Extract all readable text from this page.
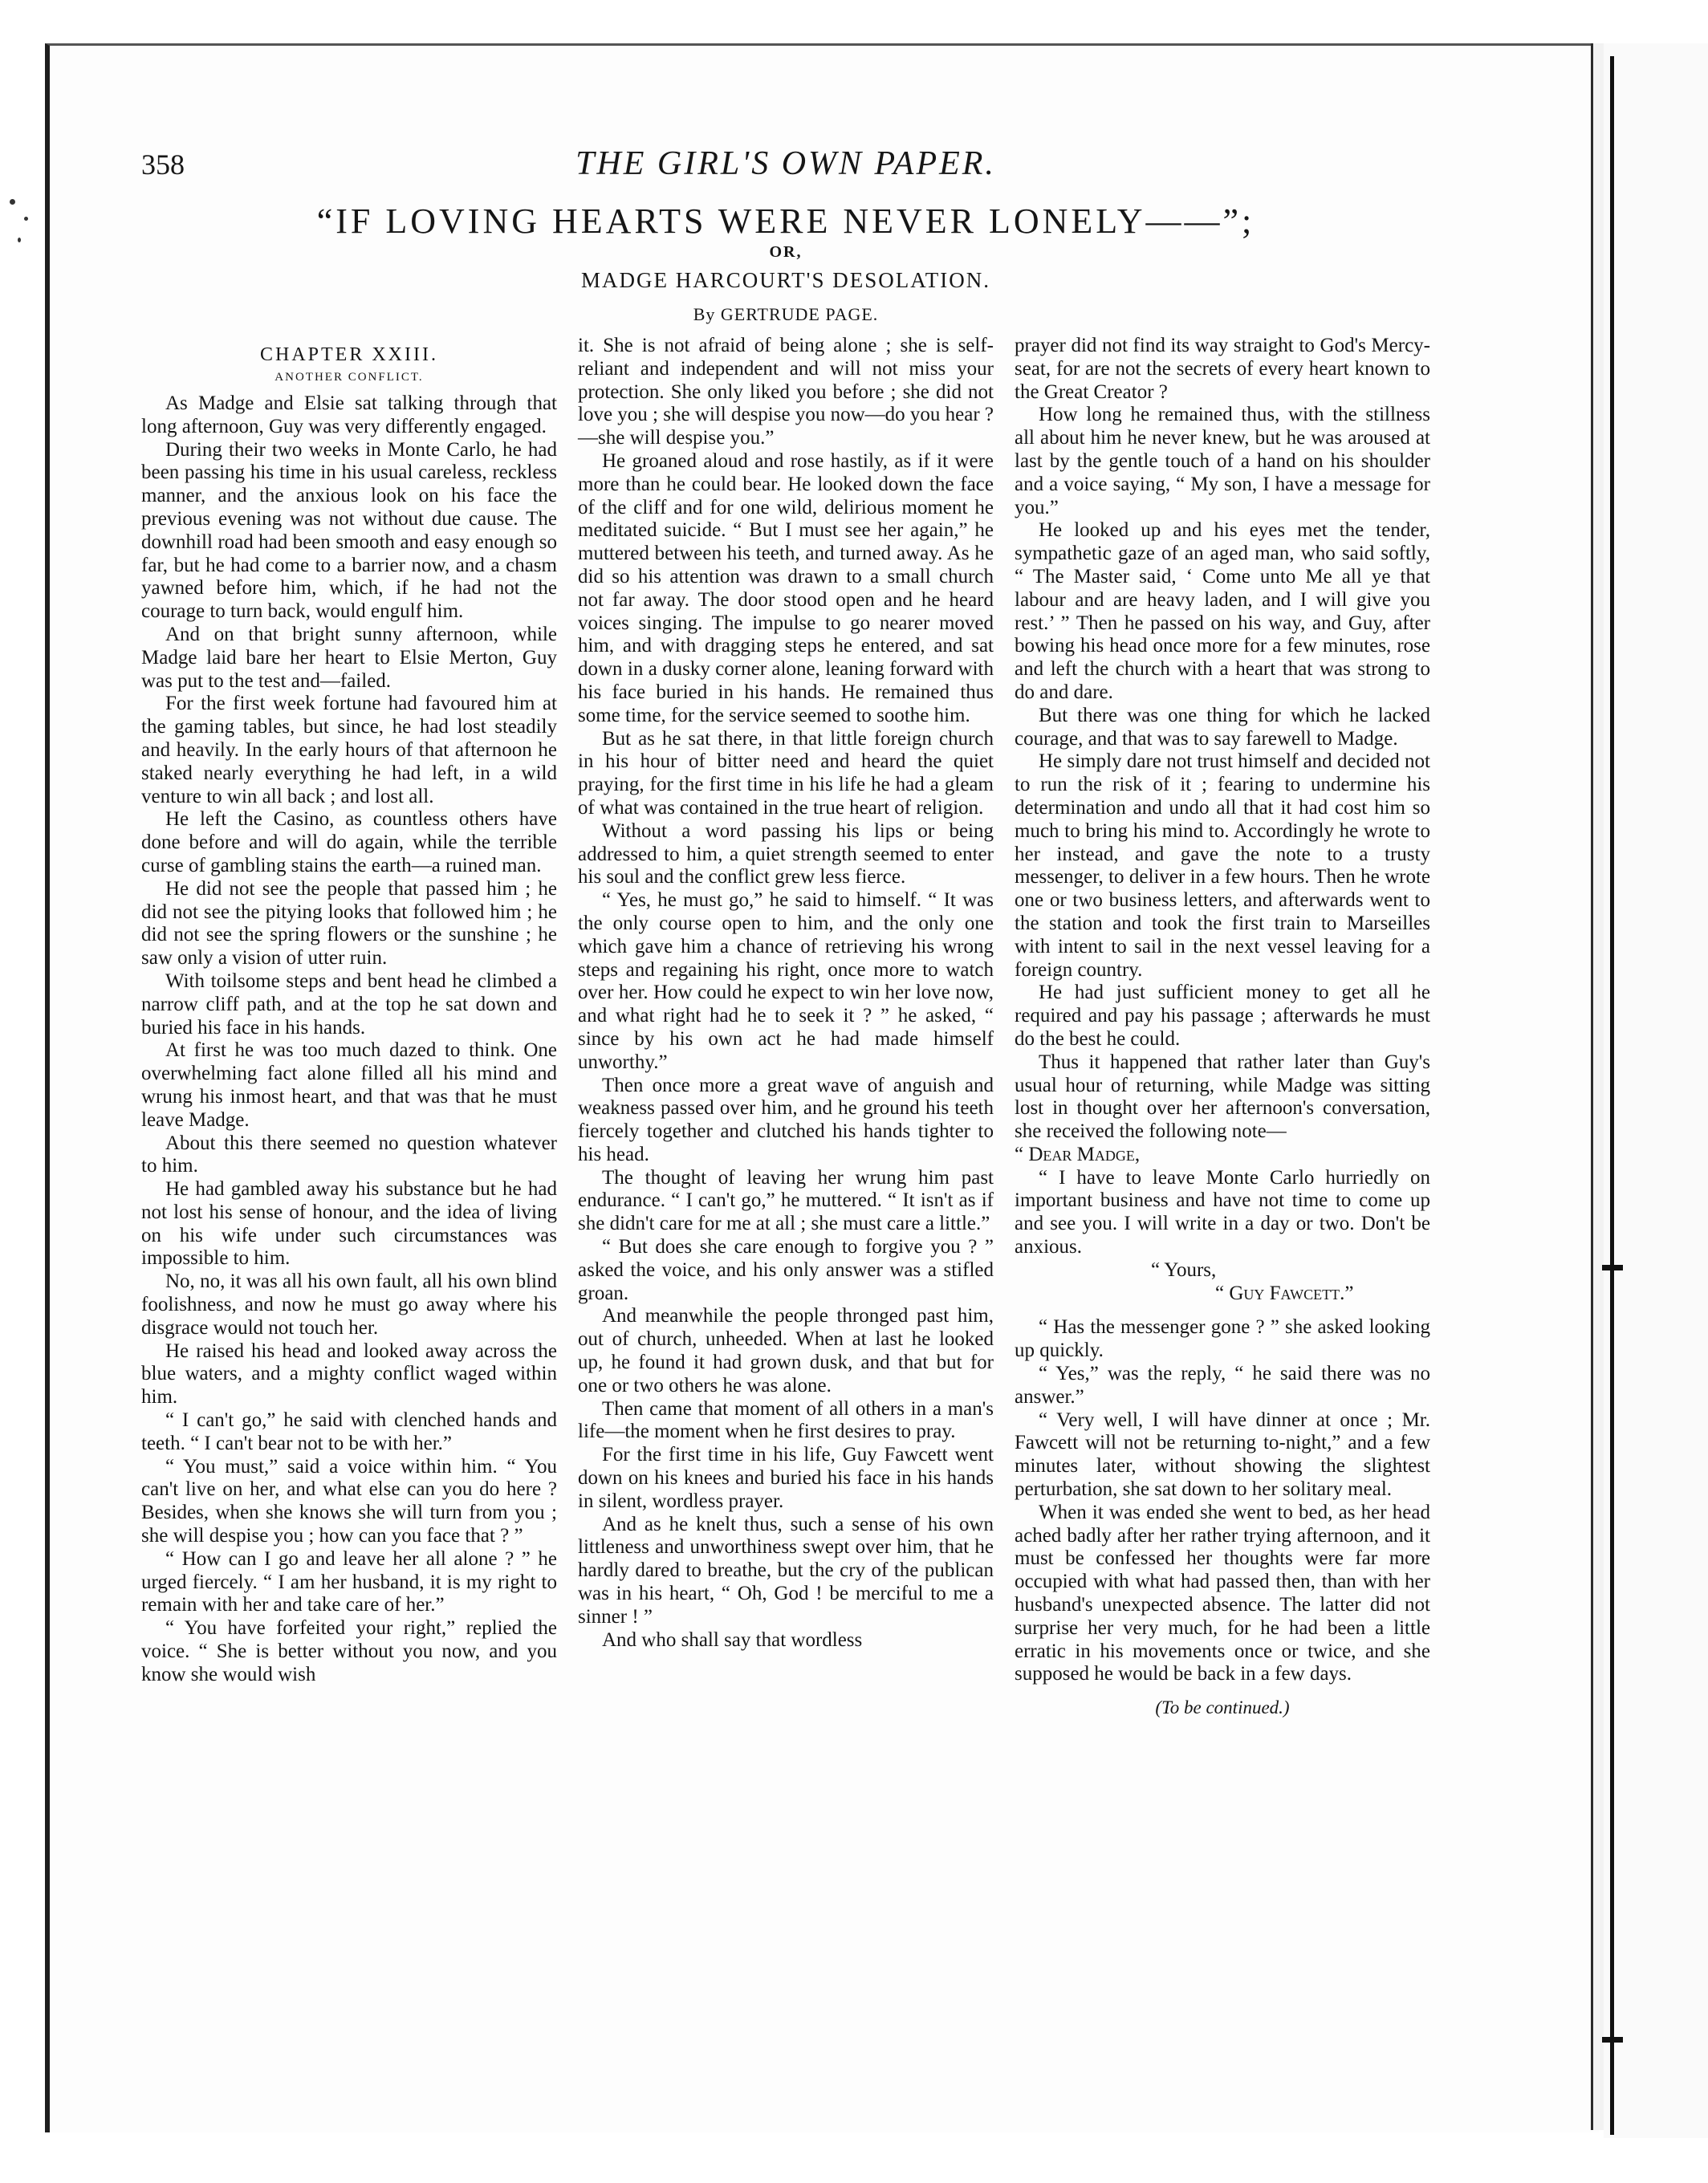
358	THE GIRL'S OWN PAPER.
“IF LOVING HEARTS WERE NEVER LONELY——”;
OR,
MADGE HARCOURT'S DESOLATION.
By GERTRUDE PAGE.
CHAPTER XXIII.
ANOTHER CONFLICT.

As Madge and Elsie sat talking through that long afternoon, Guy was very differently engaged.

During their two weeks in Monte Carlo, he had been passing his time in his usual careless, reckless manner, and the anxious look on his face the previous evening was not without due cause. The downhill road had been smooth and easy enough so far, but he had come to a barrier now, and a chasm yawned before him, which, if he had not the courage to turn back, would engulf him.

And on that bright sunny afternoon, while Madge laid bare her heart to Elsie Merton, Guy was put to the test and—failed.

For the first week fortune had favoured him at the gaming tables, but since, he had lost steadily and heavily. In the early hours of that afternoon he staked nearly everything he had left, in a wild venture to win all back ; and lost all.

He left the Casino, as countless others have done before and will do again, while the terrible curse of gambling stains the earth—a ruined man.

He did not see the people that passed him ; he did not see the pitying looks that followed him ; he did not see the spring flowers or the sunshine ; he saw only a vision of utter ruin.

With toilsome steps and bent head he climbed a narrow cliff path, and at the top he sat down and buried his face in his hands.

At first he was too much dazed to think. One overwhelming fact alone filled all his mind and wrung his inmost heart, and that was that he must leave Madge.

About this there seemed no question whatever to him.

He had gambled away his substance but he had not lost his sense of honour, and the idea of living on his wife under such circumstances was impossible to him.

No, no, it was all his own fault, all his own blind foolishness, and now he must go away where his disgrace would not touch her.

He raised his head and looked away across the blue waters, and a mighty conflict waged within him.

“ I can't go,” he said with clenched hands and teeth. “ I can't bear not to be with her.”

“ You must,” said a voice within him. “ You can't live on her, and what else can you do here ? Besides, when she knows she will turn from you ; she will despise you ; how can you face that ? ”

“ How can I go and leave her all alone ? ” he urged fiercely. “ I am her husband, it is my right to remain with her and take care of her.”

“ You have forfeited your right,” replied the voice. “ She is better without you now, and you know she would wish

it. She is not afraid of being alone ; she is self-reliant and independent and will not miss your protection. She only liked you before ; she did not love you ; she will despise you now—do you hear ? —she will despise you.”

He groaned aloud and rose hastily, as if it were more than he could bear. He looked down the face of the cliff and for one wild, delirious moment he meditated suicide. “ But I must see her again,” he muttered between his teeth, and turned away. As he did so his attention was drawn to a small church not far away. The door stood open and he heard voices singing. The impulse to go nearer moved him, and with dragging steps he entered, and sat down in a dusky corner alone, leaning forward with his face buried in his hands. He remained thus some time, for the service seemed to soothe him.

But as he sat there, in that little foreign church in his hour of bitter need and heard the quiet praying, for the first time in his life he had a gleam of what was contained in the true heart of religion.

Without a word passing his lips or being addressed to him, a quiet strength seemed to enter his soul and the conflict grew less fierce.

“ Yes, he must go,” he said to himself. “ It was the only course open to him, and the only one which gave him a chance of retrieving his wrong steps and regaining his right, once more to watch over her. How could he expect to win her love now, and what right had he to seek it ? ” he asked, “ since by his own act he had made himself unworthy.”

Then once more a great wave of anguish and weakness passed over him, and he ground his teeth fiercely together and clutched his hands tighter to his head.

The thought of leaving her wrung him past endurance. “ I can't go,” he muttered. “ It isn't as if she didn't care for me at all ; she must care a little.”

“ But does she care enough to forgive you ? ” asked the voice, and his only answer was a stifled groan.

And meanwhile the people thronged past him, out of church, unheeded. When at last he looked up, he found it had grown dusk, and that but for one or two others he was alone.

Then came that moment of all others in a man's life—the moment when he first desires to pray.

For the first time in his life, Guy Fawcett went down on his knees and buried his face in his hands in silent, wordless prayer.

And as he knelt thus, such a sense of his own littleness and unworthiness swept over him, that he hardly dared to breathe, but the cry of the publican was in his heart, “ Oh, God ! be merciful to me a sinner ! ”

And who shall say that wordless

prayer did not find its way straight to God's Mercy-seat, for are not the secrets of every heart known to the Great Creator ?

How long he remained thus, with the stillness all about him he never knew, but he was aroused at last by the gentle touch of a hand on his shoulder and a voice saying, “ My son, I have a message for you.”

He looked up and his eyes met the tender, sympathetic gaze of an aged man, who said softly, “ The Master said, ‘ Come unto Me all ye that labour and are heavy laden, and I will give you rest.’ ” Then he passed on his way, and Guy, after bowing his head once more for a few minutes, rose and left the church with a heart that was strong to do and dare.

But there was one thing for which he lacked courage, and that was to say farewell to Madge.

He simply dare not trust himself and decided not to run the risk of it ; fearing to undermine his determination and undo all that it had cost him so much to bring his mind to. Accordingly he wrote to her instead, and gave the note to a trusty messenger, to deliver in a few hours. Then he wrote one or two business letters, and afterwards went to the station and took the first train to Marseilles with intent to sail in the next vessel leaving for a foreign country.

He had just sufficient money to get all he required and pay his passage ; afterwards he must do the best he could.

Thus it happened that rather later than Guy's usual hour of returning, while Madge was sitting lost in thought over her afternoon's conversation, she received the following note—

“ Dear Madge,

“ I have to leave Monte Carlo hurriedly on important business and have not time to come up and see you. I will write in a day or two. Don't be anxious.

“ Yours,
“ Guy Fawcett.”

“ Has the messenger gone ? ” she asked looking up quickly.

“ Yes,” was the reply, “ he said there was no answer.”

“ Very well, I will have dinner at once ; Mr. Fawcett will not be returning to-night,” and a few minutes later, without showing the slightest perturbation, she sat down to her solitary meal.

When it was ended she went to bed, as her head ached badly after her rather trying afternoon, and it must be confessed her thoughts were far more occupied with what had passed then, than with her husband's unexpected absence. The latter did not surprise her very much, for he had been a little erratic in his movements once or twice, and she supposed he would be back in a few days.

(To be continued.)
